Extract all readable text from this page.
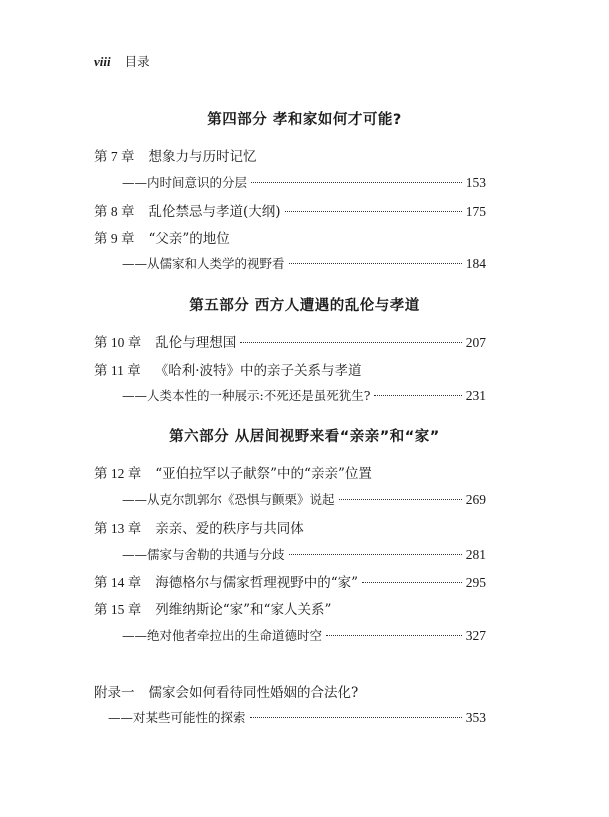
viii 目录
第四部分 孝和家如何才可能?
第 7 章 想象力与历时记忆
——内时间意识的分层	153
第 8 章 乱伦禁忌与孝道(大纲)	175
第 9 章 “父亲”的地位
——从儒家和人类学的视野看	184
第五部分 西方人遭遇的乱伦与孝道
第 10 章 乱伦与理想国	207
第 11 章 《哈利·波特》中的亲子关系与孝道
——人类本性的一种展示:不死还是虽死犹生?	231
第六部分 从居间视野来看“亲亲”和“家”
第 12 章 “亚伯拉罕以子献祭”中的“亲亲”位置
——从克尔凯郭尔《恐惧与颤栗》说起	269
第 13 章 亲亲、爱的秩序与共同体
——儒家与舍勒的共通与分歧	281
第 14 章 海德格尔与儒家哲理视野中的“家”	295
第 15 章 列维纳斯论“家”和“家人关系”
——绝对他者牵拉出的生命道德时空	327
附录一 儒家会如何看待同性婚姻的合法化?
——对某些可能性的探索	353
